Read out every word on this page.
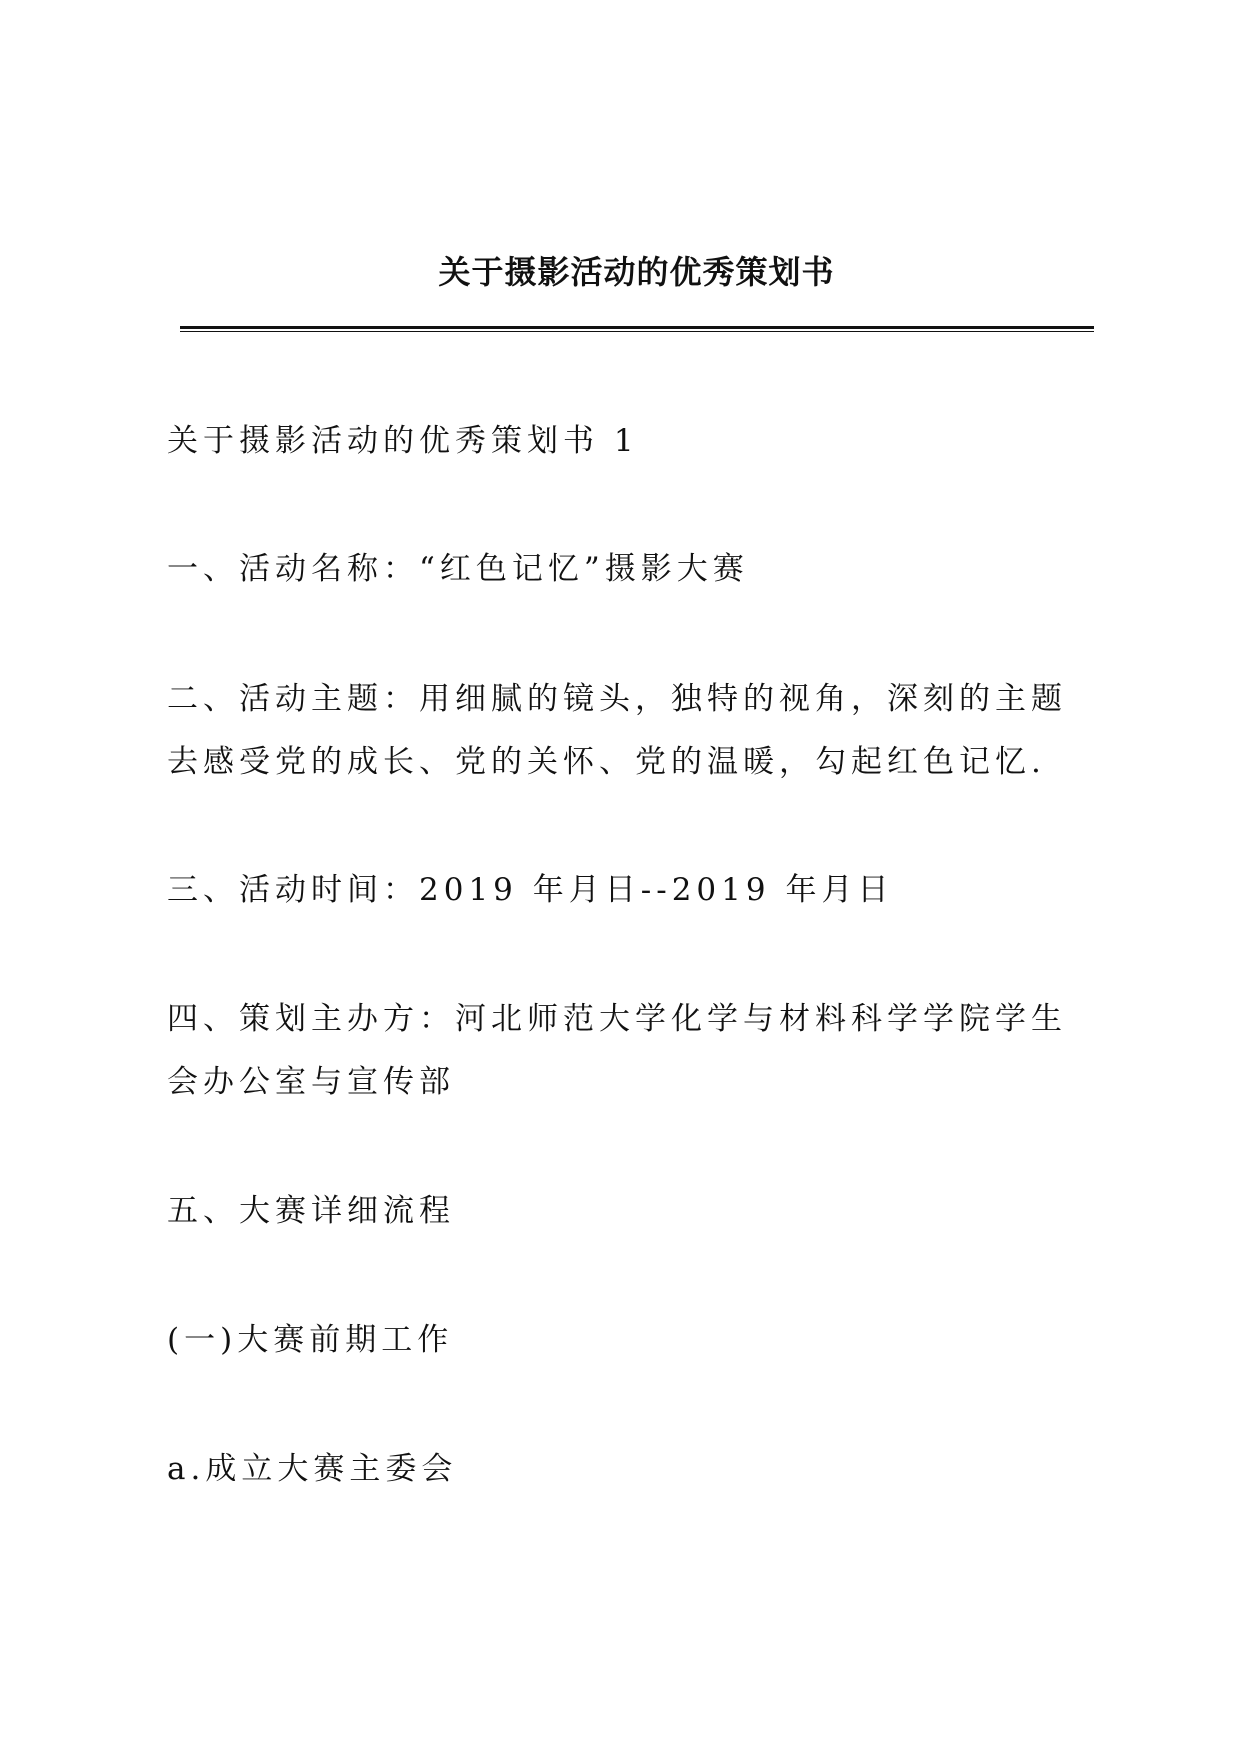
关于摄影活动的优秀策划书

关于摄影活动的优秀策划书 1

一、活动名称：“红色记忆”摄影大赛

二、活动主题：用细腻的镜头，独特的视角，深刻的主题去感受党的成长、党的关怀、党的温暖，勾起红色记忆.

三、活动时间：2019 年月日--2019 年月日

四、策划主办方：河北师范大学化学与材料科学学院学生会办公室与宣传部

五、大赛详细流程

(一)大赛前期工作

a.成立大赛主委会
